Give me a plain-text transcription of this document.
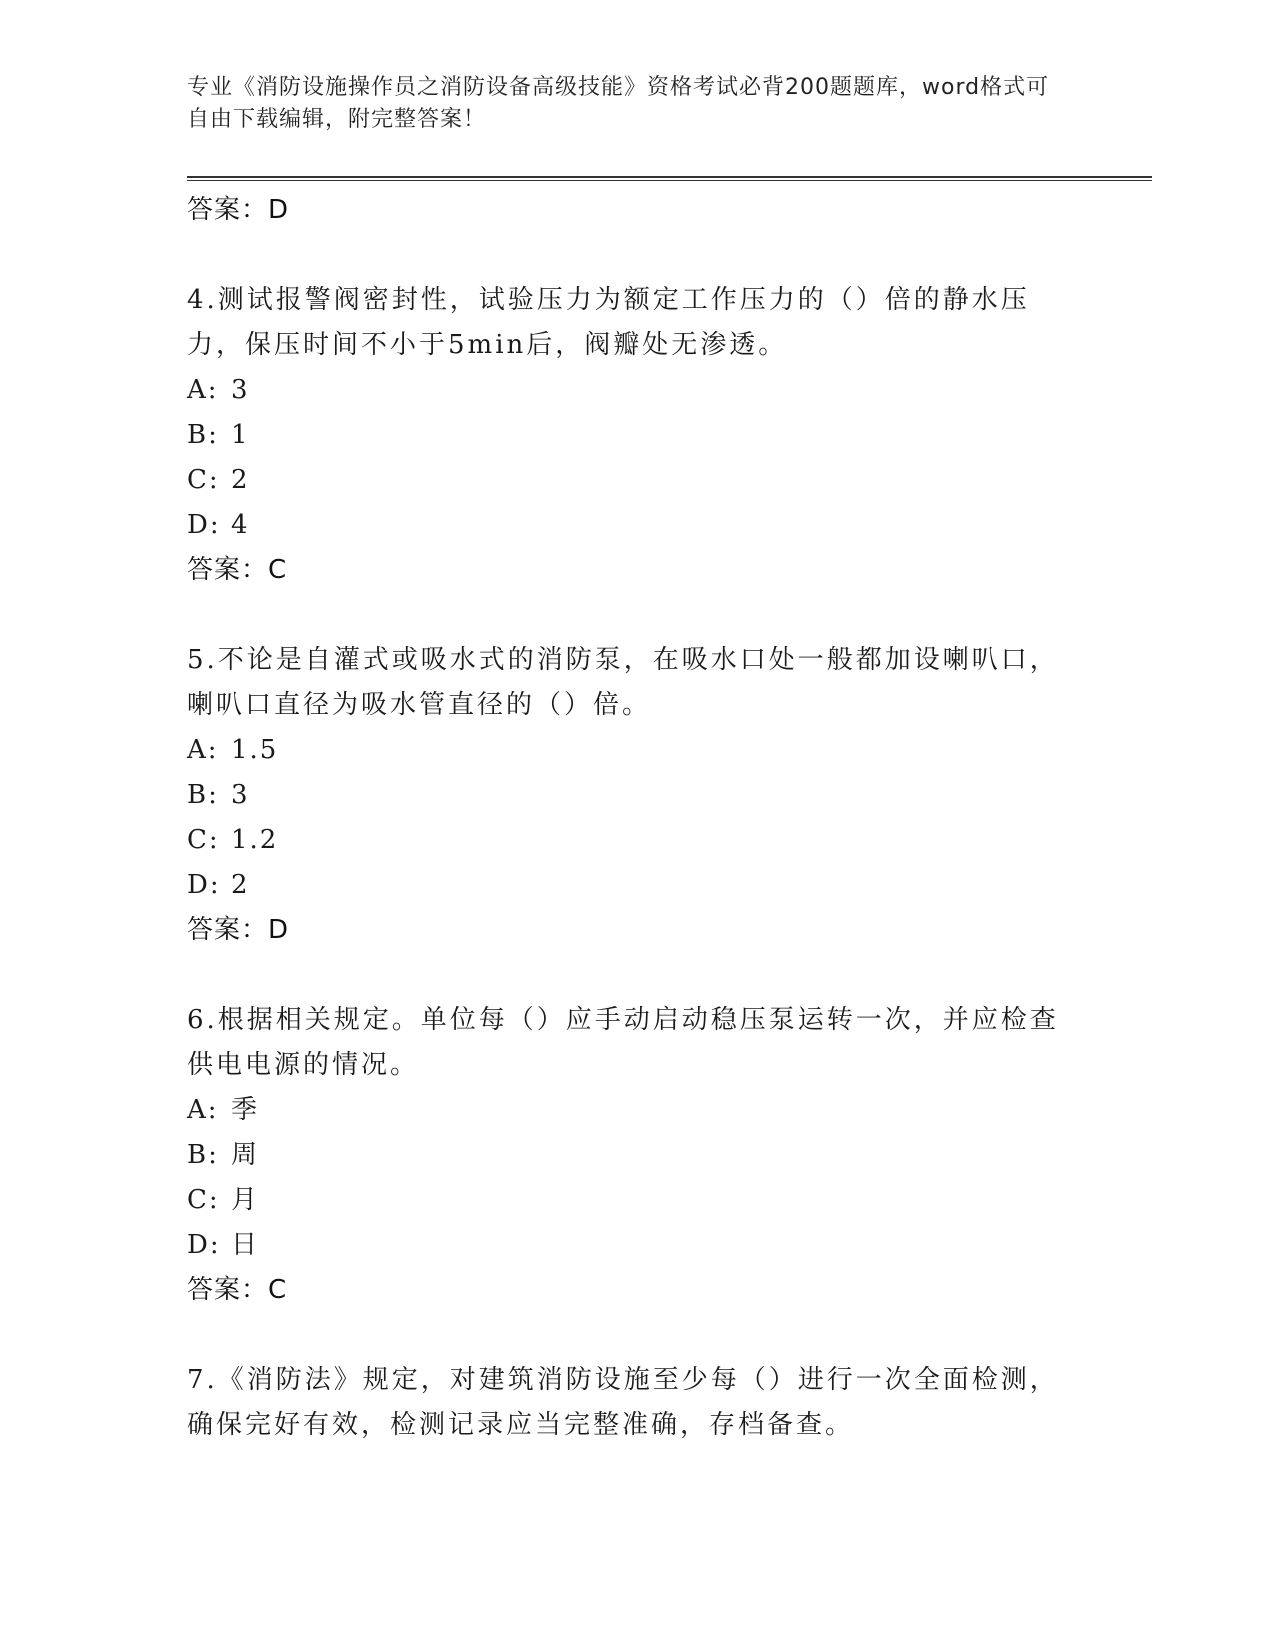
专业《消防设施操作员之消防设备高级技能》资格考试必背200题题库，word格式可自由下载编辑，附完整答案！
答案：D
4.测试报警阀密封性，试验压力为额定工作压力的（）倍的静水压力，保压时间不小于5min后，阀瓣处无渗透。
A: 3
B: 1
C: 2
D: 4
答案：C
5.不论是自灌式或吸水式的消防泵，在吸水口处一般都加设喇叭口，喇叭口直径为吸水管直径的（）倍。
A: 1.5
B: 3
C: 1.2
D: 2
答案：D
6.根据相关规定。单位每（）应手动启动稳压泵运转一次，并应检查供电电源的情况。
A: 季
B: 周
C: 月
D: 日
答案：C
7.《消防法》规定，对建筑消防设施至少每（）进行一次全面检测，确保完好有效，检测记录应当完整准确，存档备查。
